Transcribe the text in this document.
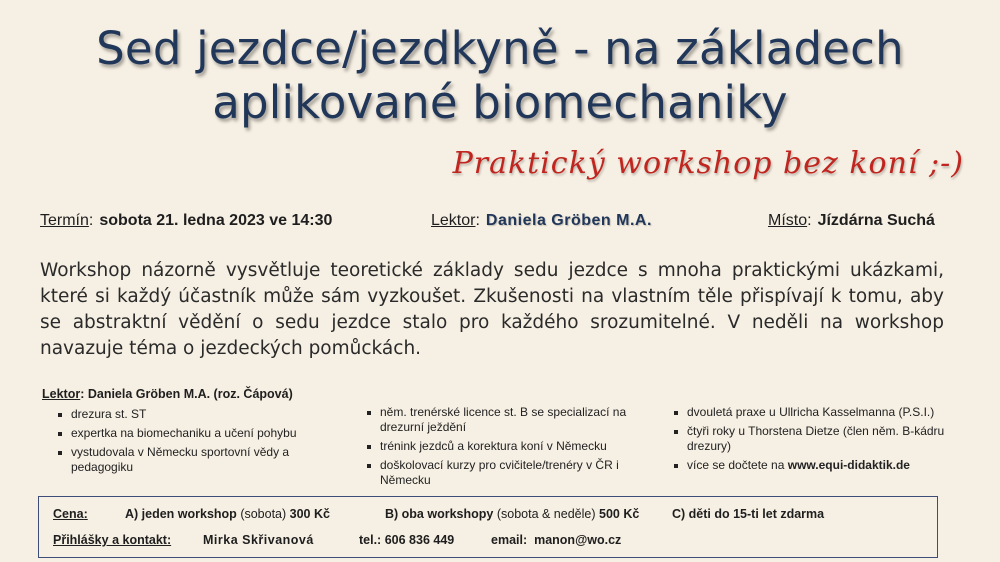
Sed jezdce/jezdkyně - na základech
aplikované biomechaniky
Praktický workshop bez koní ;-)
Termín: sobota 21. ledna 2023 ve 14:30	Lektor: Daniela Gröben M.A.	Místo: Jízdárna Suchá

Workshop názorně vysvětluje teoretické základy sedu jezdce s mnoha praktickými ukázkami, které si každý účastník může sám vyzkoušet. Zkušenosti na vlastním těle přispívají k tomu, aby se abstraktní vědění o sedu jezdce stalo pro každého srozumitelné. V neděli na workshop navazuje téma o jezdeckých pomůckách.

Lektor: Daniela Gröben M.A. (roz. Čápová)
drezura st. ST
expertka na biomechaniku a učení pohybu
vystudovala v Německu sportovní vědy a pedagogiku
něm. trenérské licence st. B se specializací na drezurní ježdění
trénink jezdců a korektura koní v Německu
doškolovací kurzy pro cvičitele/trenéry v ČR i Německu
dvouletá praxe u Ullricha Kasselmanna (P.S.I.)
čtyři roky u Thorstena Dietze (člen něm. B-kádru drezury)
více se dočtete na www.equi-didaktik.de
Cena:	A) jeden workshop (sobota) 300 Kč	B) oba workshopy (sobota & neděle) 500 Kč	C) děti do 15-ti let zdarma
Přihlášky a kontakt:	Mirka Skřivanová	tel.: 606 836 449	email: manon@wo.cz
